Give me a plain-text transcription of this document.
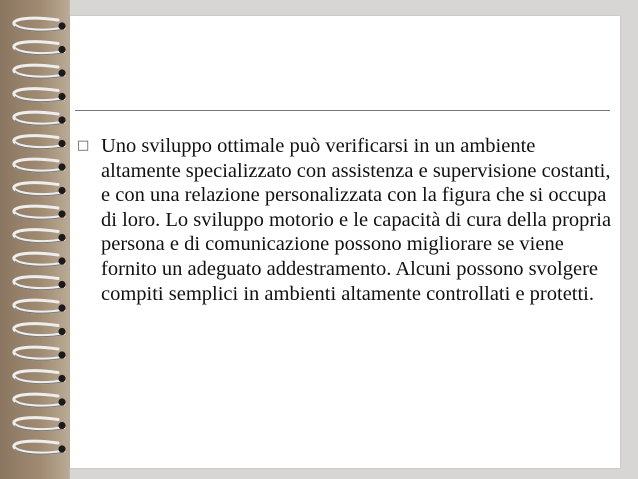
□ Uno sviluppo ottimale può verificarsi in un ambiente altamente specializzato con assistenza e supervisione costanti, e con una relazione personalizzata con la figura che si occupa di loro. Lo sviluppo motorio e le capacità di cura della propria persona e di comunicazione possono migliorare se viene fornito un adeguato addestramento. Alcuni possono svolgere compiti semplici in ambienti altamente controllati e protetti.
